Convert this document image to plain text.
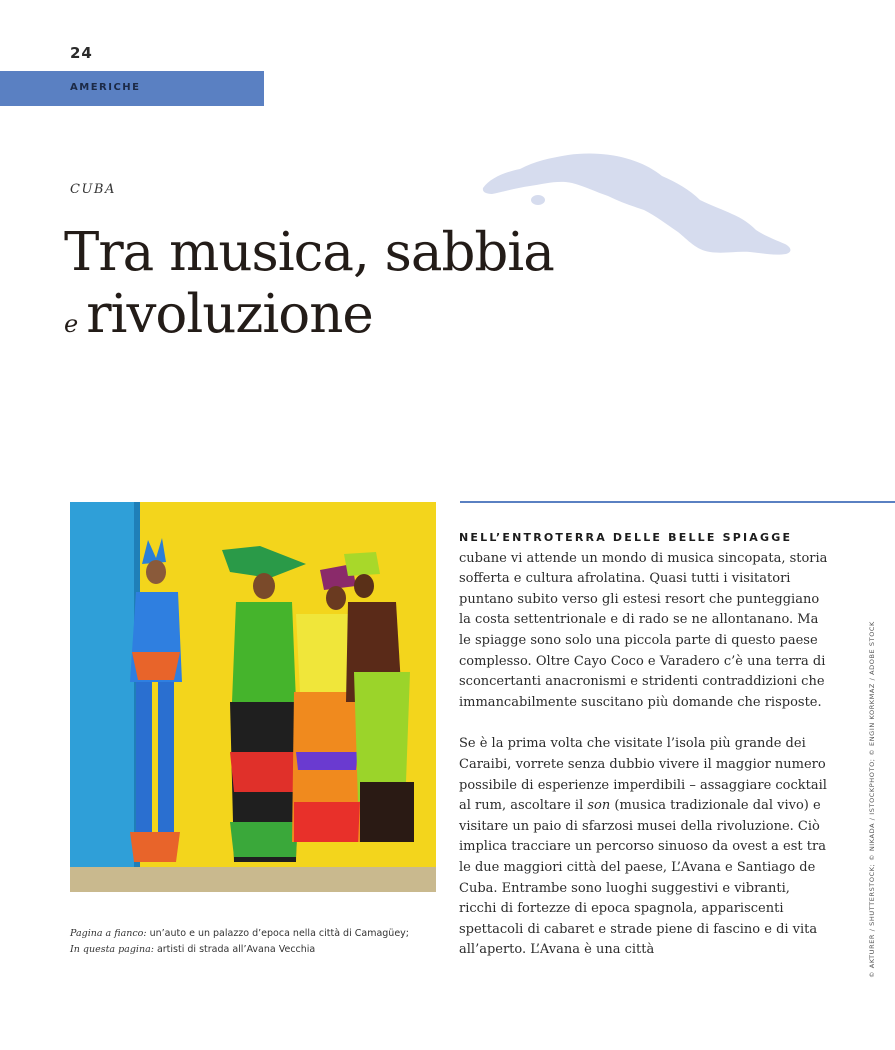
24
AMERICHE
CUBA
Tra musica, sabbia
e rivoluzione

NELL’ENTROTERRA DELLE BELLE SPIAGGE cubane vi attende un mondo di musica sincopata, storia sofferta e cultura afrolatina. Quasi tutti i visitatori puntano subito verso gli estesi resort che punteggiano la costa settentrionale e di rado se ne allontanano. Ma le spiagge sono solo una piccola parte di questo paese complesso. Oltre Cayo Coco e Varadero c’è una terra di sconcertanti anacronismi e stridenti contraddizioni che immancabilmente suscitano più domande che risposte.

Se è la prima volta che visitate l’isola più grande dei Caraibi, vorrete senza dubbio vivere il maggior numero possibile di esperienze imperdibili – assaggiare cocktail al rum, ascoltare il son (musica tradizionale dal vivo) e visitare un paio di sfarzosi musei della rivoluzione. Ciò implica tracciare un percorso sinuoso da ovest a est tra le due maggiori città del paese, L’Avana e Santiago de Cuba. Entrambe sono luoghi suggestivi e vibranti, ricchi di fortezze di epoca spagnola, appariscenti spettacoli di cabaret e strade piene di fascino e di vita all’aperto. L’Avana è una città

Pagina a fianco: un’auto e un palazzo d’epoca nella città di Camagüey;
In questa pagina: artisti di strada all’Avana Vecchia	© AKTURER / SHUTTERSTOCK; © NIKADA / ISTOCKPHOTO; © ENGIN KORKMAZ / ADOBE STOCK
